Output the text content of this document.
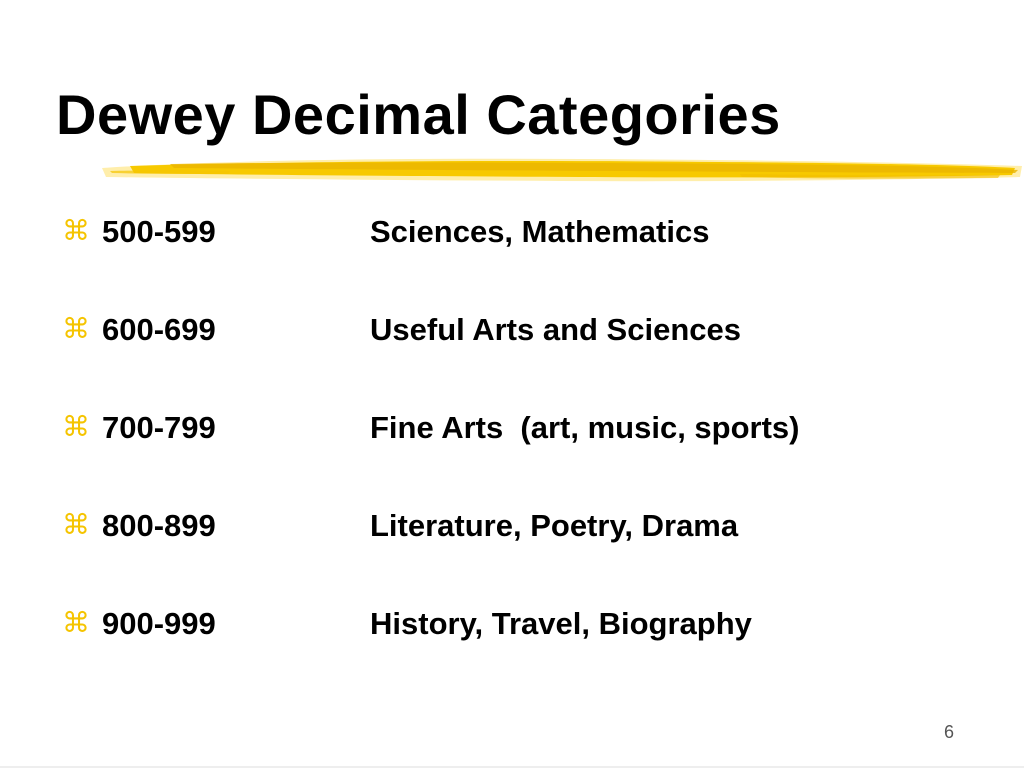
Dewey Decimal Categories
⌘ 500-599	Sciences, Mathematics
⌘ 600-699	Useful Arts and Sciences
⌘ 700-799	Fine Arts  (art, music, sports)
⌘ 800-899	Literature, Poetry, Drama
⌘ 900-999	History, Travel, Biography
6
